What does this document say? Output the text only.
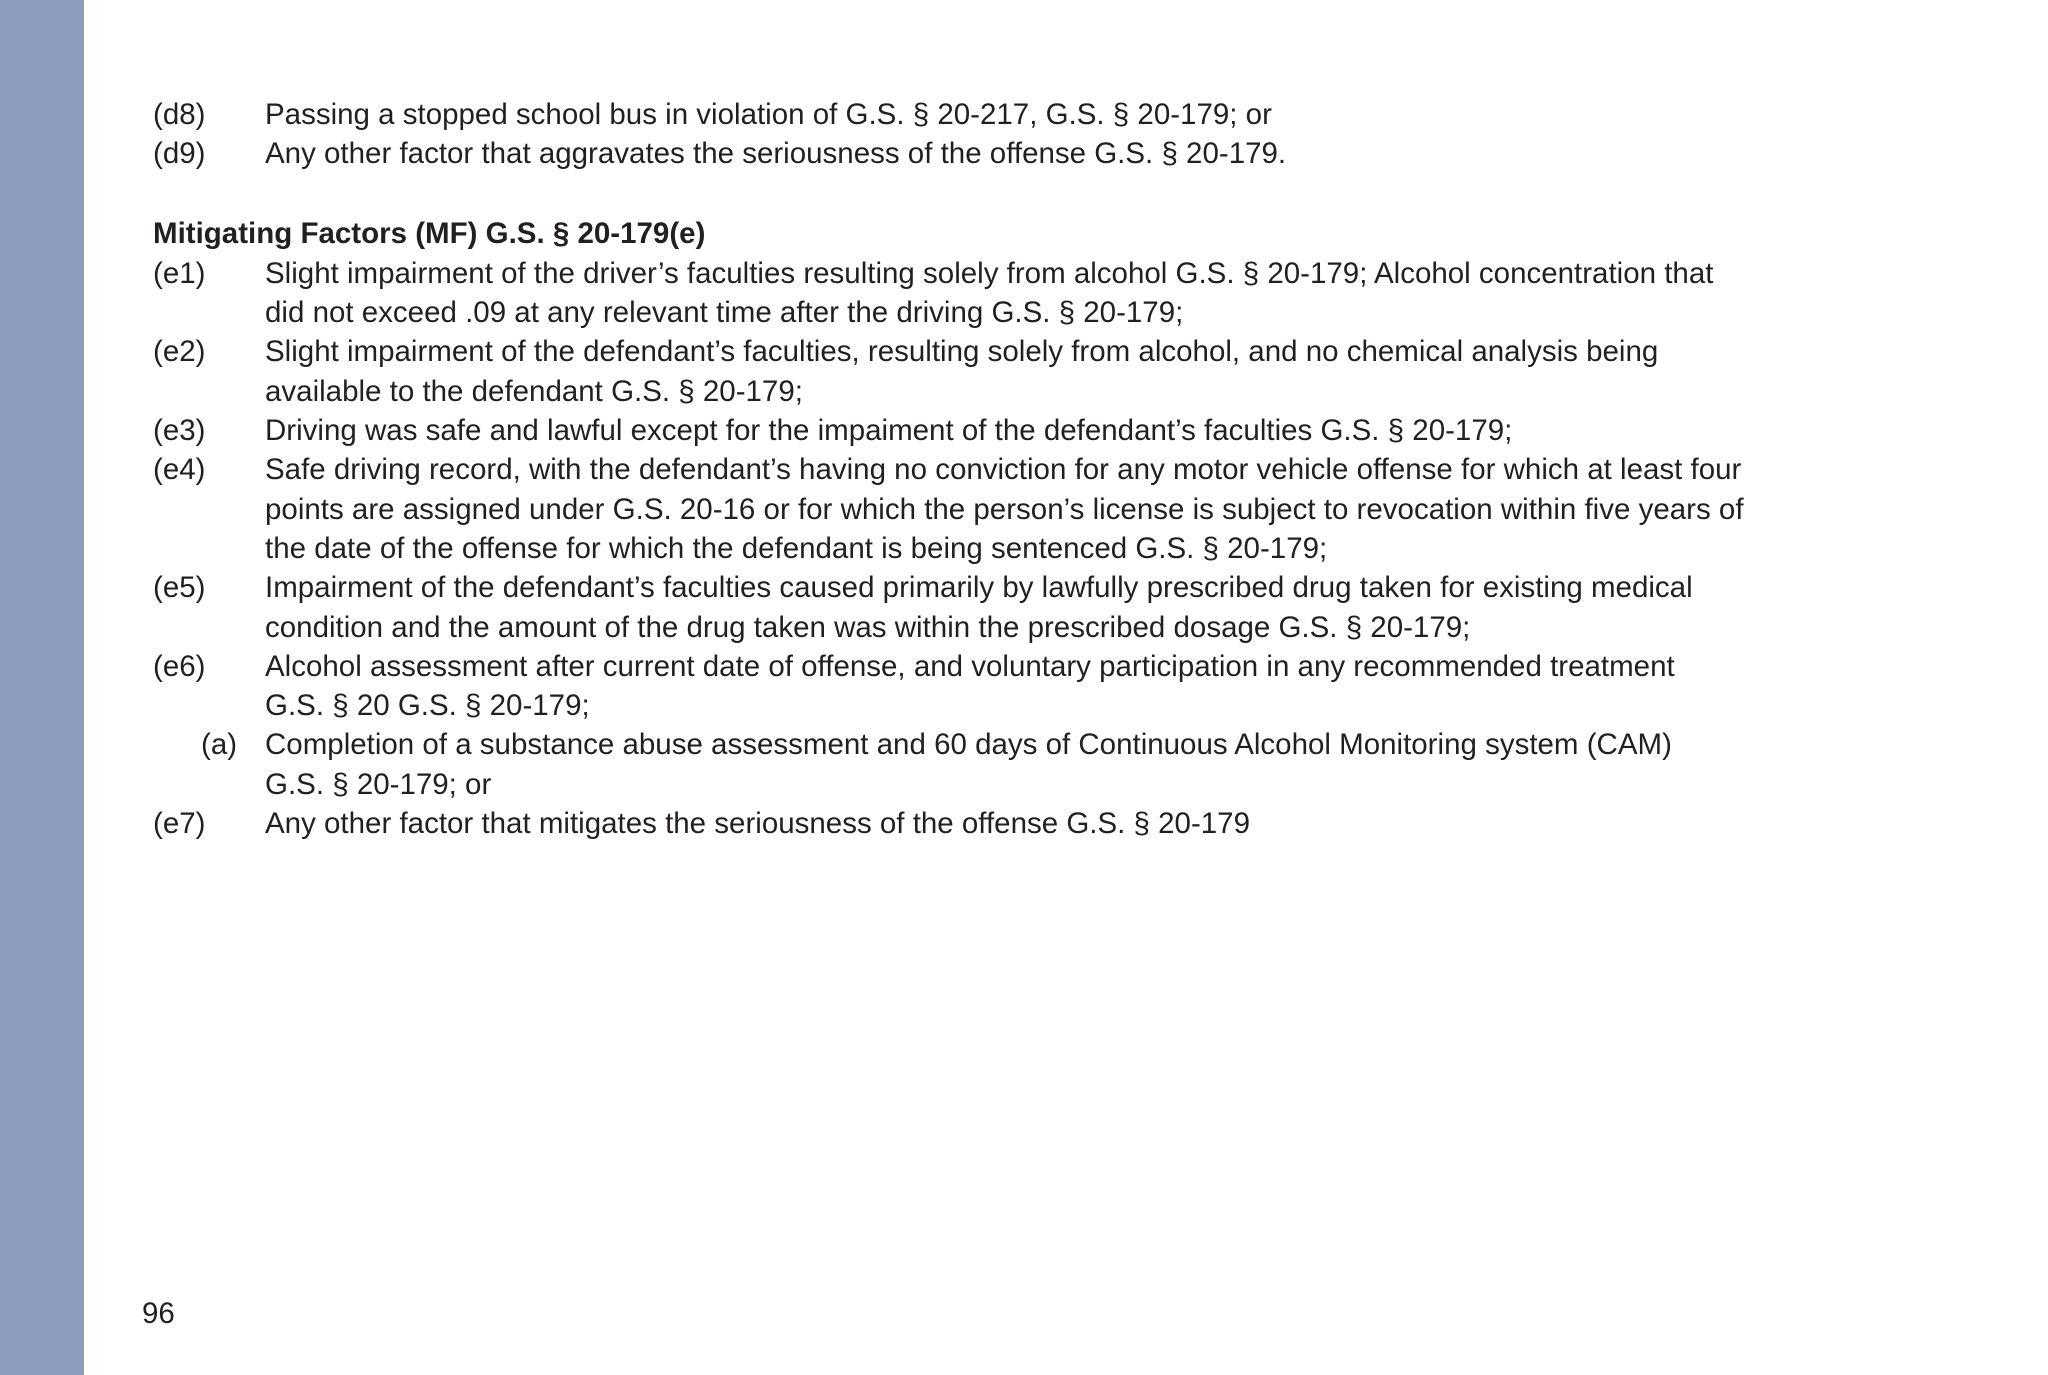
(d8) Passing a stopped school bus in violation of G.S. § 20-217, G.S. § 20-179; or
(d9) Any other factor that aggravates the seriousness of the offense G.S. § 20-179.
Mitigating Factors (MF) G.S. § 20-179(e)
(e1) Slight impairment of the driver’s faculties resulting solely from alcohol G.S. § 20-179; Alcohol concentration that
did not exceed .09 at any relevant time after the driving G.S. § 20-179;
(e2) Slight impairment of the defendant’s faculties, resulting solely from alcohol, and no chemical analysis being
available to the defendant G.S. § 20-179;
(e3) Driving was safe and lawful except for the impaiment of the defendant’s faculties G.S. § 20-179;
(e4) Safe driving record, with the defendant’s having no conviction for any motor vehicle offense for which at least four
points are assigned under G.S. 20-16 or for which the person’s license is subject to revocation within five years of
the date of the offense for which the defendant is being sentenced G.S. § 20-179;
(e5) Impairment of the defendant’s faculties caused primarily by lawfully prescribed drug taken for existing medical
condition and the amount of the drug taken was within the prescribed dosage G.S. § 20-179;
(e6) Alcohol assessment after current date of offense, and voluntary participation in any recommended treatment
G.S. § 20 G.S. § 20-179;
(a) Completion of a substance abuse assessment and 60 days of Continuous Alcohol Monitoring system (CAM)
G.S. § 20-179; or
(e7) Any other factor that mitigates the seriousness of the offense G.S. § 20-179
96
